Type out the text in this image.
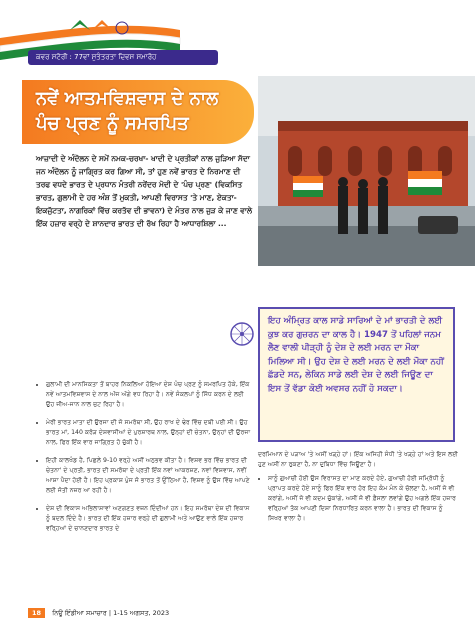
ਕਵਰ ਸਟੋਰੀ : 77ਵਾਂ ਸੁਤੰਤਰਤਾ ਦਿਵਸ ਸਮਾਰੋਹ
ਨਵੇਂ ਆਤਮਵਿਸ਼ਵਾਸ ਦੇ ਨਾਲ
ਪੰਚ ਪ੍ਰਣ ਨੂੰ ਸਮਰਪਿਤ
ਆਜ਼ਾਦੀ ਦੇ ਅੰਦੋਲਨ ਦੇ ਸਮੇਂ ਨਮਕ-ਚਰਖਾ- ਖਾਦੀ ਦੇ ਪ੍ਰਤੀਕਾਂ ਨਾਲ ਜੁੜਿਆ ਸੱਦਾ ਜਨ ਅੰਦੋਲਨ ਨੂੰ ਜਾਗ੍ਰਿਤ ਕਰ ਗਿਆ ਸੀ, ਤਾਂ ਹੁਣ ਨਵੇਂ ਭਾਰਤ ਦੇ ਨਿਰਮਾਣ ਦੀ ਤਰਫ ਵਧਦੇ ਭਾਰਤ ਦੇ ਪ੍ਰਧਾਨ ਮੰਤਰੀ ਨਰੇਂਦਰ ਮੋਦੀ ਦੇ 'ਪੰਚ ਪ੍ਰਣ' (ਵਿਕਸਿਤ ਭਾਰਤ, ਗੁਲਾਮੀ ਦੇ ਹਰ ਅੰਸ਼ ਤੋਂ ਮੁਕਤੀ, ਆਪਣੀ ਵਿਰਾਸਤ 'ਤੇ ਮਾਣ, ਏਕਤਾ-ਇਕਜੁੱਟਤਾ, ਨਾਗਰਿਕਾਂ ਵਿੱਚ ਕਰਤੱਵ ਦੀ ਭਾਵਨਾ) ਦੇ ਮੰਤਰ ਨਾਲ ਜੁੜ ਕੇ ਜਾਣ ਵਾਲੇ ਇੱਕ ਹਜ਼ਾਰ ਵਰ੍ਹੇ ਦੇ ਸ਼ਾਨਦਾਰ ਭਾਰਤ ਦੀ ਰੱਖ ਰਿਹਾ ਹੈ ਆਧਾਰਸ਼ਿਲਾ ...
• ਗੁਲਾਮੀ ਦੀ ਮਾਨਸਿਕਤਾ ਤੋਂ ਬਾਹਰ ਨਿਕਲਿਆ ਹੋਇਆ ਦੇਸ਼ ਪੰਚ ਪ੍ਰਣ ਨੂੰ ਸਮਰਪਿਤ ਹੋਕੇ, ਇੱਕ ਨਵੇਂ ਆਤਮਵਿਸ਼ਵਾਸ ਦੇ ਨਾਲ ਅੱਜ ਅੱਗੇ ਵਧ ਰਿਹਾ ਹੈ। ਨਵੇਂ ਸੰਕਲਪਾਂ ਨੂੰ ਸਿੱਧ ਕਰਨ ਦੇ ਲਈ ਉਹ ਜੀਅ-ਜਾਨ ਨਾਲ ਜੁਟ ਰਿਹਾ ਹੈ।
• ਮੇਰੀ ਭਾਰਤ ਮਾਤਾ ਦੀ ਉਰਜਾ ਦੀ ਜੋ ਸਮਰੱਥਾ ਸੀ, ਉਹ ਰਾਖ ਦੇ ਢੇਰ ਵਿੱਚ ਦਬੀ ਪਈ ਸੀ। ਉਹ ਭਾਰਤ ਮਾਂ, 140 ਕਰੋੜ ਦੇਸ਼ਵਾਸੀਆਂ ਦੇ ਪੁਰਸ਼ਾਰਥ ਨਾਲ, ਉਨ੍ਹਾਂ ਦੀ ਚੇਤਨਾ, ਉਨ੍ਹਾਂ ਦੀ ਉਰਜਾ ਨਾਲ, ਫਿਰ ਇੱਕ ਵਾਰ ਜਾਗ੍ਰਿਤ ਹੋ ਚੁੱਕੀ ਹੈ।
• ਇਹੀ ਕਾਲਖੰਡ ਹੈ, ਪਿਛਲੇ 9-10 ਵਰ੍ਹੇ ਅਸੀਂ ਅਨੁਭਵ ਕੀਤਾ ਹੈ। ਵਿਸ਼ਵ ਭਰ ਵਿੱਚ ਭਾਰਤ ਦੀ ਚੇਤਨਾ' ਦੇ ਪ੍ਰਤੀ, ਭਾਰਤ ਦੀ ਸਮਰੱਥਾ ਦੇ ਪ੍ਰਤੀ ਇੱਕ ਨਵਾਂ ਆਕਰਸ਼ਣ, ਨਵਾਂ ਵਿਸ਼ਵਾਸ, ਨਵੀਂ ਆਸ਼ਾ ਪੈਦਾ ਹੋਈ ਹੈ। ਇਹ ਪ੍ਰਕਾਸ਼ ਪੁੰਜ ਜੋ ਭਾਰਤ ਤੋਂ ਉੱਠਿਆ ਹੈ, ਵਿਸ਼ਵ ਨੂੰ ਉਸ ਵਿੱਚ ਆਪਣੇ ਲਈ ਜੋਤੀ ਨਜ਼ਰ ਆ ਰਹੀ ਹੈ।
• ਦੇਸ਼ ਦੀ ਵਿਕਾਸ ਅਭਿਲਾਸ਼ਾਵਾਂ ਅਣਗਣਤ ਵਜ਼ਨ ਦਿੰਦੀਆਂ ਹਨ। ਇਹ ਸਮਰੱਥਾ ਦੇਸ਼ ਦੀ ਵਿਕਾਸ ਨੂੰ ਬਦਲ ਦਿੰਦੇ ਹੈ। ਭਾਰਤ ਦੀ ਇੱਕ ਹਜ਼ਾਰ ਵਰ੍ਹੇ ਦੀ ਗੁਲਾਮੀ ਅਤੇ ਆਉਣ ਵਾਲੇ ਇੱਕ ਹਜ਼ਾਰ ਵਰ੍ਹਿਆਂ ਦੇ ਚਾਨਣਦਾਰ ਭਾਰਤ ਦੇ
ਇਹ ਅੰਮ੍ਰਿਤ ਕਾਲ ਸਾਡੇ ਸਾਰਿਆਂ ਦੇ ਮਾਂ ਭਾਰਤੀ ਦੇ ਲਈ ਕੁਝ ਕਰ ਗੁਜ਼ਰਨ ਦਾ ਕਾਲ ਹੈ। 1947 ਤੋਂ ਪਹਿਲਾਂ ਜਨਮ ਲੈਣ ਵਾਲੀ ਪੀੜ੍ਹੀ ਨੂੰ ਦੇਸ਼ ਦੇ ਲਈ ਮਰਨ ਦਾ ਮੌਕਾ ਮਿਲਿਆ ਸੀ। ਉਹ ਦੇਸ਼ ਦੇ ਲਈ ਮਰਨ ਦੇ ਲਈ ਮੌਕਾ ਨਹੀਂ ਛੱਡਦੇ ਸਨ, ਲੇਕਿਨ ਸਾਡੇ ਲਈ ਦੇਸ਼ ਦੇ ਲਈ ਜਿਊਣ ਦਾ ਇਸ ਤੋਂ ਵੱਡਾ ਕੋਈ ਅਵਸਰ ਨਹੀਂ ਹੋ ਸਕਦਾ।
ਦਰਮਿਆਨ ਦੇ ਪੜਾਅ 'ਤੇ ਅਸੀਂ ਖੜ੍ਹੇ ਹਾਂ। ਇੱਕ ਅਜਿਹੀ ਸੰਧੀ 'ਤੇ ਖੜ੍ਹੇ ਹਾਂ ਅਤੇ ਇਸ ਲਈ ਹੁਣ ਅਸੀਂ ਨਾ ਰੁਕਣਾ ਹੈ, ਨਾ ਦੁਬਿਧਾ ਵਿੱਚ ਜਿਊਣਾ ਹੈ।
• ਸਾਨੂੰ ਗੁਆਚੀ ਹੋਈ ਉਸ ਵਿਰਾਸਤ ਦਾ ਮਾਣ ਕਰਦੇ ਹੋਏ, ਗੁਆਚੀ ਹੋਈ ਸਮ੍ਰਿੱਧੀ ਨੂੰ ਪ੍ਰਾਪਤ ਕਰਦੇ ਹੋਏ ਸਾਨੂੰ ਫਿਰ ਇੱਕ ਵਾਰ ਹੋਰ ਇਹ ਕੰਮ ਮੰਨ ਕੇ ਚੱਲਣਾ ਹੈ, ਅਸੀਂ ਜੋ ਵੀ ਕਰਾਂਗੇ, ਅਸੀਂ ਜੋ ਵੀ ਕਦਮ ਚੁੱਕਾਂਗੇ, ਅਸੀਂ ਜੋ ਵੀ ਫ਼ੈਸਲਾ ਲਵਾਂਗੇ ਉਹ ਅਗਲੇ ਇੱਕ ਹਜ਼ਾਰ ਵਰ੍ਹਿਆਂ ਤੱਕ ਆਪਣੀ ਦਿਸ਼ਾ ਨਿਰਧਾਰਿਤ ਕਰਨ ਵਾਲਾ ਹੈ। ਭਾਰਤ ਦੀ ਵਿਕਾਸ ਨੂੰ ਸਿਖਰ ਵਾਲਾ ਹੈ।
18 ਨਿਊ ਇੰਡੀਆ ਸਮਾਚਾਰ | 1-15 ਅਗਸਤ, 2023
